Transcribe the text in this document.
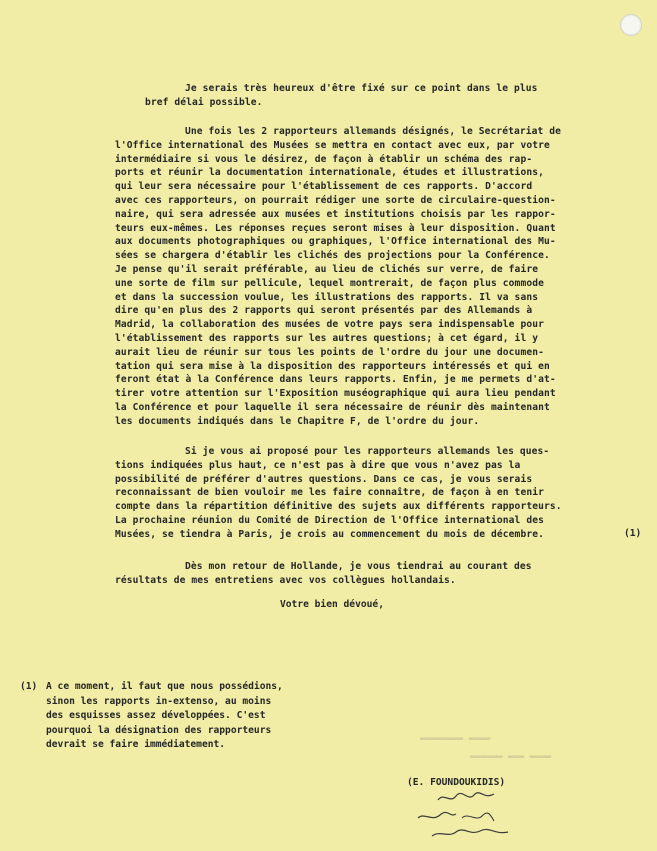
▬▬▬▬▬▬▬▬ ▬▬▬▬
▬▬▬▬▬▬ ▬▬▬ ▬▬▬▬
Je serais très heureux d'être fixé sur ce point dans le plus
bref délai possible.
Une fois les 2 rapporteurs allemands désignés, le Secrétariat de
l'Office international des Musées se mettra en contact avec eux, par votre
intermédiaire si vous le désirez, de façon à établir un schéma des rap-
ports et réunir la documentation internationale, études et illustrations,
qui leur sera nécessaire pour l'établissement de ces rapports. D'accord
avec ces rapporteurs, on pourrait rédiger une sorte de circulaire-question-
naire, qui sera adressée aux musées et institutions choisis par les rappor-
teurs eux-mêmes. Les réponses reçues seront mises à leur disposition. Quant
aux documents photographiques ou graphiques, l'Office international des Mu-
sées se chargera d'établir les clichés des projections pour la Conférence.
Je pense qu'il serait préférable, au lieu de clichés sur verre, de faire
une sorte de film sur pellicule, lequel montrerait, de façon plus commode
et dans la succession voulue, les illustrations des rapports. Il va sans
dire qu'en plus des 2 rapports qui seront présentés par des Allemands à
Madrid, la collaboration des musées de votre pays sera indispensable pour
l'établissement des rapports sur les autres questions; à cet égard, il y
aurait lieu de réunir sur tous les points de l'ordre du jour une documen-
tation qui sera mise à la disposition des rapporteurs intéressés et qui en
feront état à la Conférence dans leurs rapports. Enfin, je me permets d'at-
tirer votre attention sur l'Exposition muséographique qui aura lieu pendant
la Conférence et pour laquelle il sera nécessaire de réunir dès maintenant
les documents indiqués dans le Chapitre F, de l'ordre du jour.
Si je vous ai proposé pour les rapporteurs allemands les ques-
tions indiquées plus haut, ce n'est pas à dire que vous n'avez pas la
possibilité de préférer d'autres questions. Dans ce cas, je vous serais
reconnaissant de bien vouloir me les faire connaître, de façon à en tenir
compte dans la répartition définitive des sujets aux différents rapporteurs.
La prochaine réunion du Comité de Direction de l'Office international des
Musées, se tiendra à Paris, je crois au commencement du mois de décembre.
Dès mon retour de Hollande, je vous tiendrai au courant des
résultats de mes entretiens avec vos collègues hollandais.
Votre bien dévoué,
(1)
(1) A ce moment, il faut que nous possédions,
sinon les rapports in-extenso, au moins
des esquisses assez développées. C'est
pourquoi la désignation des rapporteurs
devrait se faire immédiatement.
(E. FOUNDOUKIDIS)
